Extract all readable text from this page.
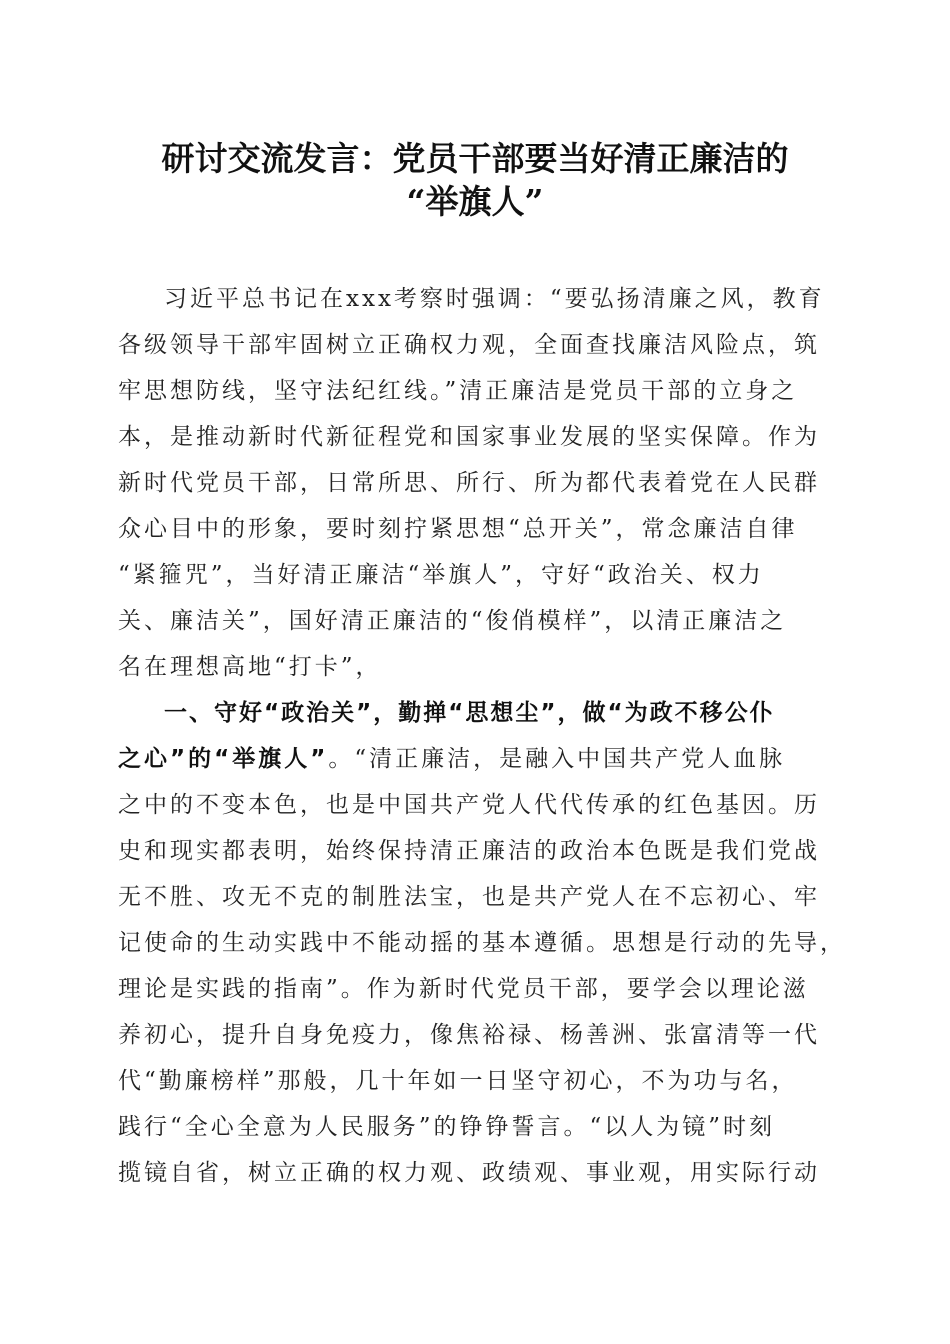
研讨交流发言：党员干部要当好清正廉洁的
“举旗人”
习近平总书记在xxx考察时强调：“要弘扬清廉之风，教育
各级领导干部牢固树立正确权力观，全面查找廉洁风险点，筑
牢思想防线，坚守法纪红线。”清正廉洁是党员干部的立身之
本，是推动新时代新征程党和国家事业发展的坚实保障。作为
新时代党员干部，日常所思、所行、所为都代表着党在人民群
众心目中的形象，要时刻拧紧思想“总开关”，常念廉洁自律
“紧箍咒”，当好清正廉洁“举旗人”，守好“政治关、权力
关、廉洁关”，国好清正廉洁的“俊俏模样”，以清正廉洁之
名在理想高地“打卡”，
一、守好“政治关”，勤掸“思想尘”，做“为政不移公仆
之心”的“举旗人”。“清正廉洁，是融入中国共产党人血脉
之中的不变本色，也是中国共产党人代代传承的红色基因。历
史和现实都表明，始终保持清正廉洁的政治本色既是我们党战
无不胜、攻无不克的制胜法宝，也是共产党人在不忘初心、牢
记使命的生动实践中不能动摇的基本遵循。思想是行动的先导，
理论是实践的指南”。作为新时代党员干部，要学会以理论滋
养初心，提升自身免疫力，像焦裕禄、杨善洲、张富清等一代
代“勤廉榜样”那般，几十年如一日坚守初心，不为功与名，
践行“全心全意为人民服务”的铮铮誓言。“以人为镜”时刻
揽镜自省，树立正确的权力观、政绩观、事业观，用实际行动
